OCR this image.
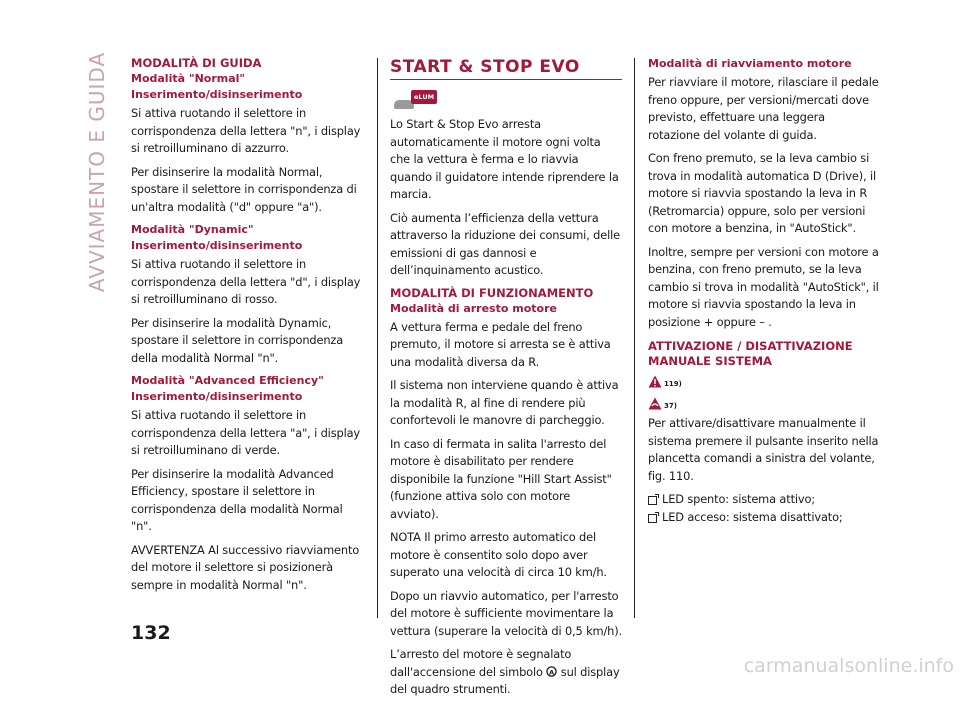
AVVIAMENTO E GUIDA MODALITÀ DI GUIDA
Modalità "Normal" Inserimento/disinserimento

Si attiva ruotando il selettore in corrispondenza della lettera "n", i display si retroilluminano di azzurro.

Per disinserire la modalità Normal, spostare il selettore in corrispondenza di un'altra modalità ("d" oppure "a").

Modalità "Dynamic" Inserimento/disinserimento

Si attiva ruotando il selettore in corrispondenza della lettera "d", i display si retroilluminano di rosso.

Per disinserire la modalità Dynamic, spostare il selettore in corrispondenza della modalità Normal "n".

Modalità "Advanced Efficiency" Inserimento/disinserimento

Si attiva ruotando il selettore in corrispondenza della lettera "a", i display si retroilluminano di verde.

Per disinserire la modalità Advanced Efficiency, spostare il selettore in corrispondenza della modalità Normal "n".

AVVERTENZA Al successivo riavviamento del motore il selettore si posizionerà sempre in modalità Normal "n".

START & STOP EVO
eLUM

Lo Start & Stop Evo arresta automaticamente il motore ogni volta che la vettura è ferma e lo riavvia quando il guidatore intende riprendere la marcia.

Ciò aumenta l’efficienza della vettura attraverso la riduzione dei consumi, delle emissioni di gas dannosi e dell’inquinamento acustico.

MODALITÀ DI FUNZIONAMENTO
Modalità di arresto motore

A vettura ferma e pedale del freno premuto, il motore si arresta se è attiva una modalità diversa da R.

Il sistema non interviene quando è attiva la modalità R, al fine di rendere più confortevoli le manovre di parcheggio.

In caso di fermata in salita l'arresto del motore è disabilitato per rendere disponibile la funzione "Hill Start Assist" (funzione attiva solo con motore avviato).

NOTA Il primo arresto automatico del motore è consentito solo dopo aver superato una velocità di circa 10 km/h.

Dopo un riavvio automatico, per l'arresto del motore è sufficiente movimentare la vettura (superare la velocità di 0,5 km/h).

L’arresto del motore è segnalato dall'accensione del simbolo A sul display del quadro strumenti.

Modalità di riavviamento motore

Per riavviare il motore, rilasciare il pedale freno oppure, per versioni/mercati dove previsto, effettuare una leggera rotazione del volante di guida.

Con freno premuto, se la leva cambio si trova in modalità automatica D (Drive), il motore si riavvia spostando la leva in R (Retromarcia) oppure, solo per versioni con motore a benzina, in "AutoStick".

Inoltre, sempre per versioni con motore a benzina, con freno premuto, se la leva cambio si trova in modalità "AutoStick", il motore si riavvia spostando la leva in posizione + oppure – .

ATTIVAZIONE / DISATTIVAZIONE MANUALE SISTEMA
119)
37)

Per attivare/disattivare manualmente il sistema premere il pulsante inserito nella plancetta comandi a sinistra del volante, fig. 110.

LED spento: sistema attivo;
LED acceso: sistema disattivato;
132
carmanualsonline.info
